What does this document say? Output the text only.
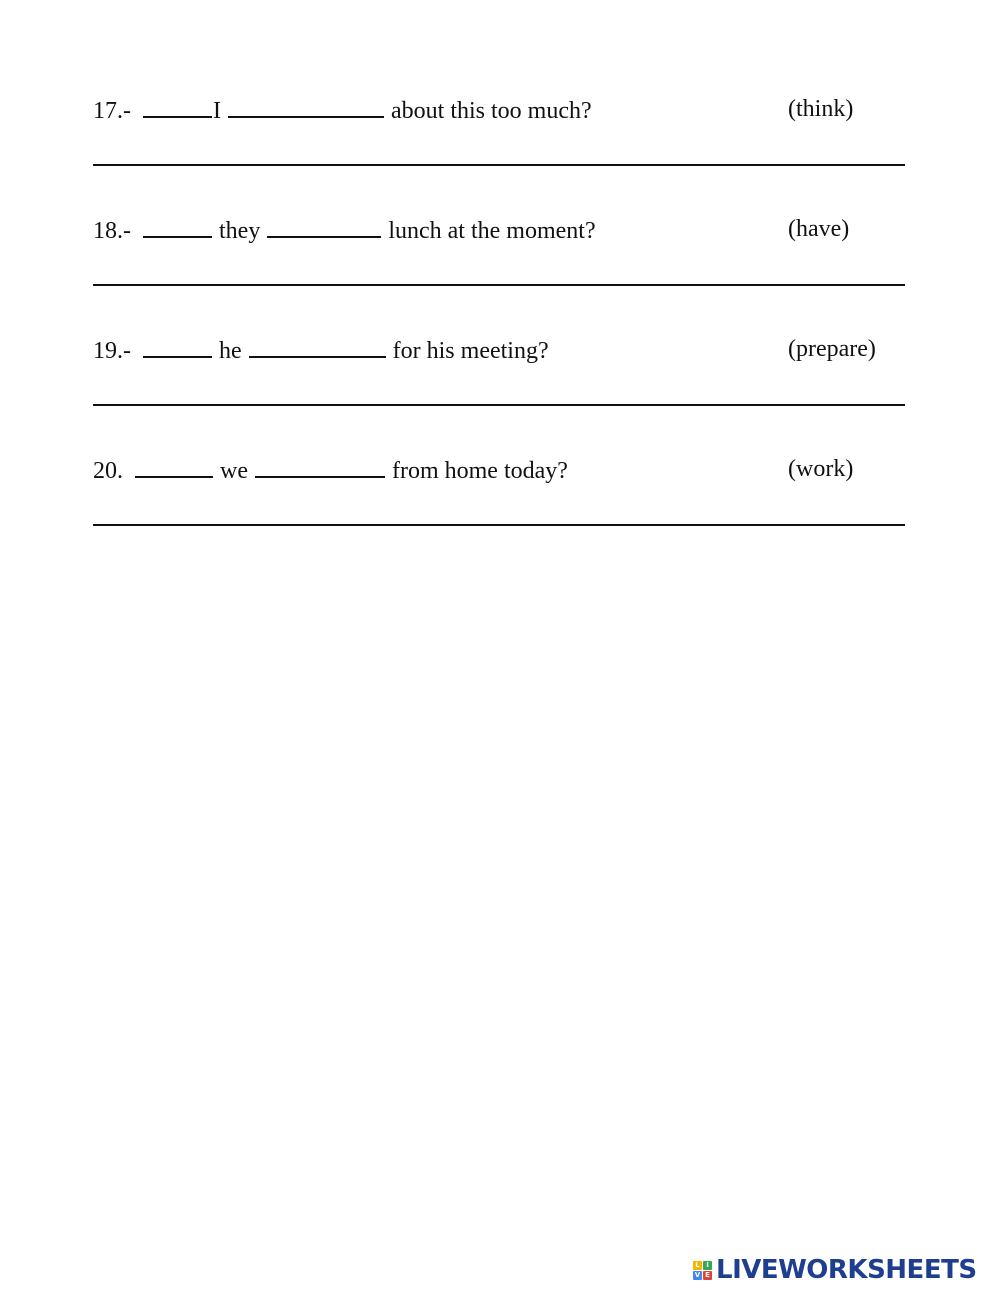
17.-	I	about this too much?	(think)
18.-	they	lunch at the moment?	(have)
19.-	he	for his meeting?	(prepare)
20.	we	from home today?	(work)
L I
V E LIVEWORKSHEETS
